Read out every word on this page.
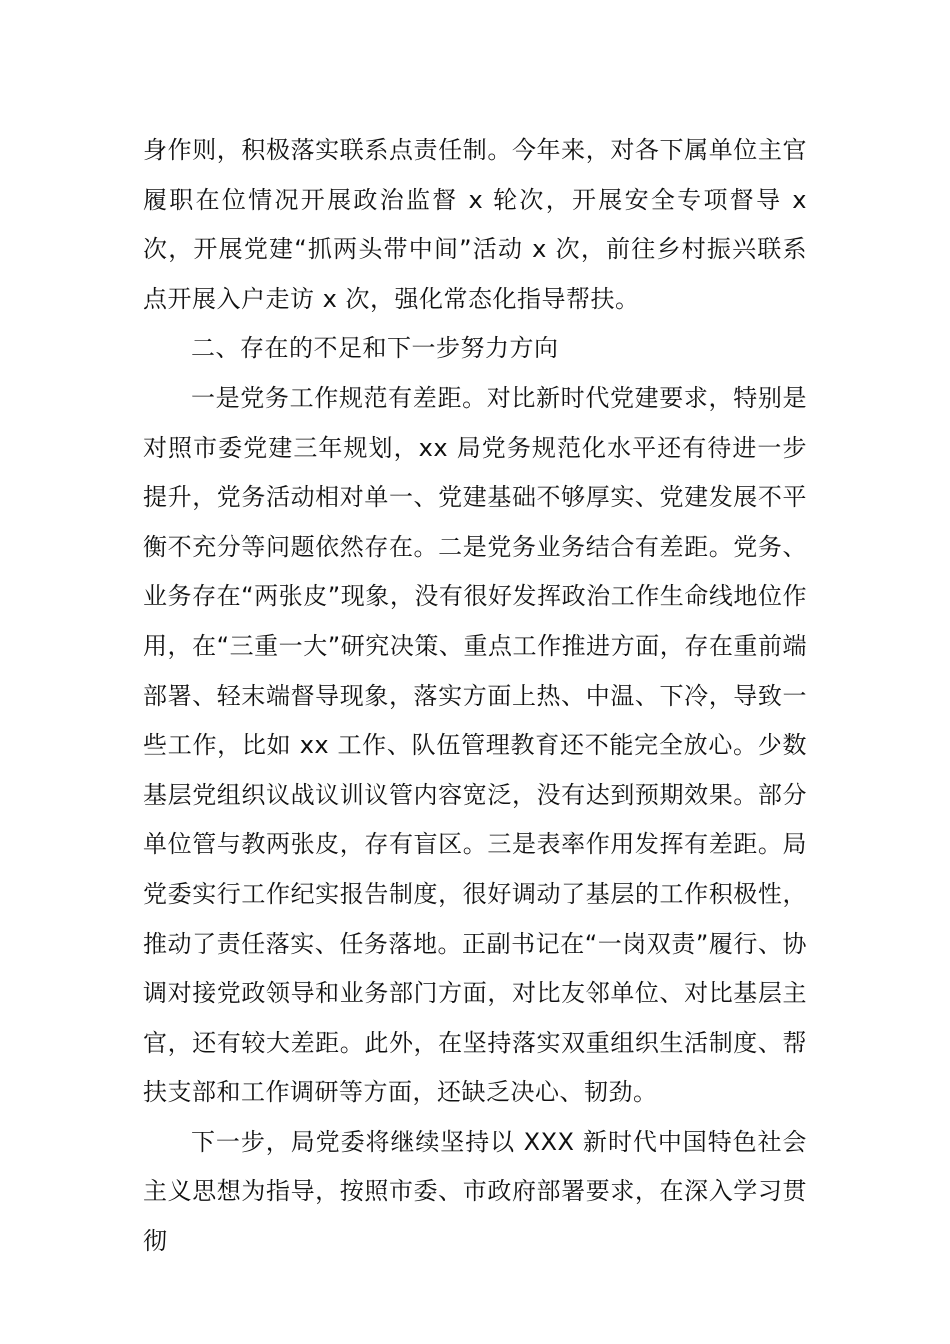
身作则，积极落实联系点责任制。今年来，对各下属单位主官履职在位情况开展政治监督 x 轮次，开展安全专项督导 x 次，开展党建“抓两头带中间”活动 x 次，前往乡村振兴联系点开展入户走访 x 次，强化常态化指导帮扶。

二、存在的不足和下一步努力方向

一是党务工作规范有差距。对比新时代党建要求，特别是对照市委党建三年规划，xx 局党务规范化水平还有待进一步提升，党务活动相对单一、党建基础不够厚实、党建发展不平衡不充分等问题依然存在。二是党务业务结合有差距。党务、业务存在“两张皮”现象，没有很好发挥政治工作生命线地位作用，在“三重一大”研究决策、重点工作推进方面，存在重前端部署、轻末端督导现象，落实方面上热、中温、下冷，导致一些工作，比如 xx 工作、队伍管理教育还不能完全放心。少数基层党组织议战议训议管内容宽泛，没有达到预期效果。部分单位管与教两张皮，存有盲区。三是表率作用发挥有差距。局党委实行工作纪实报告制度，很好调动了基层的工作积极性，推动了责任落实、任务落地。正副书记在“一岗双责”履行、协调对接党政领导和业务部门方面，对比友邻单位、对比基层主官，还有较大差距。此外，在坚持落实双重组织生活制度、帮扶支部和工作调研等方面，还缺乏决心、韧劲。

下一步，局党委将继续坚持以 XXX 新时代中国特色社会主义思想为指导，按照市委、市政府部署要求，在深入学习贯彻
